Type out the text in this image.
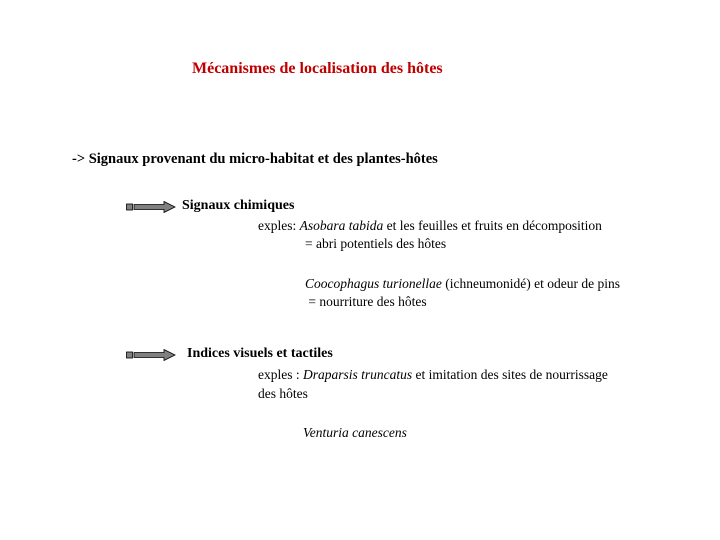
Mécanismes de localisation des hôtes
-> Signaux provenant du micro-habitat et des plantes-hôtes
Signaux chimiques
exples: Asobara tabida et les feuilles et fruits en décomposition
= abri potentiels des hôtes
Coocophagus turionellae (ichneumonidé) et odeur de pins
= nourriture des hôtes
Indices visuels et tactiles
exples : Draparsis truncatus et imitation des sites de nourrissage
des hôtes
Venturia canescens
